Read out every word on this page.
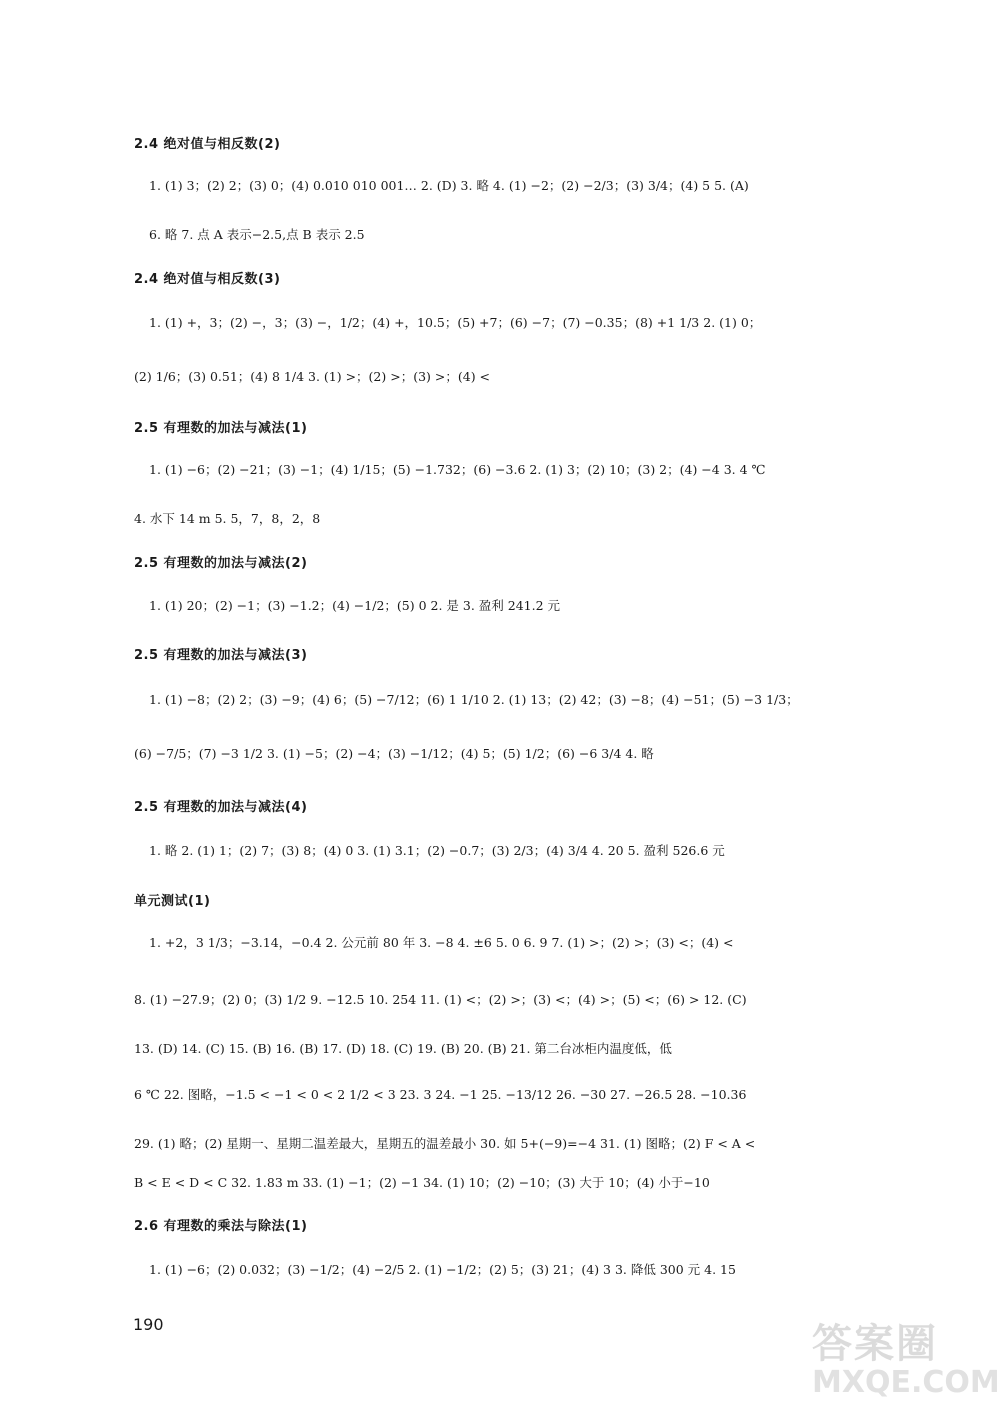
2.4 绝对值与相反数(2)
1. (1) 3；(2) 2；(3) 0；(4) 0.010 010 001… 2. (D) 3. 略 4. (1) −2；(2) −2/3；(3) 3/4；(4) 5 5. (A)
6. 略 7. 点 A 表示−2.5,点 B 表示 2.5
2.4 绝对值与相反数(3)
1. (1) +，3；(2) −，3；(3) −，1/2；(4) +，10.5；(5) +7；(6) −7；(7) −0.35；(8) +1 1/3 2. (1) 0；
(2) 1/6；(3) 0.51；(4) 8 1/4 3. (1) >；(2) >；(3) >；(4) <
2.5 有理数的加法与减法(1)
1. (1) −6；(2) −21；(3) −1；(4) 1/15；(5) −1.732；(6) −3.6 2. (1) 3；(2) 10；(3) 2；(4) −4 3. 4 ℃
4. 水下 14 m 5. 5，7，8，2，8
2.5 有理数的加法与减法(2)
1. (1) 20；(2) −1；(3) −1.2；(4) −1/2；(5) 0 2. 是 3. 盈利 241.2 元
2.5 有理数的加法与减法(3)
1. (1) −8；(2) 2；(3) −9；(4) 6；(5) −7/12；(6) 1 1/10 2. (1) 13；(2) 42；(3) −8；(4) −51；(5) −3 1/3；
(6) −7/5；(7) −3 1/2 3. (1) −5；(2) −4；(3) −1/12；(4) 5；(5) 1/2；(6) −6 3/4 4. 略
2.5 有理数的加法与减法(4)
1. 略 2. (1) 1；(2) 7；(3) 8；(4) 0 3. (1) 3.1；(2) −0.7；(3) 2/3；(4) 3/4 4. 20 5. 盈利 526.6 元
单元测试(1)
1. +2，3 1/3；−3.14，−0.4 2. 公元前 80 年 3. −8 4. ±6 5. 0 6. 9 7. (1) >；(2) >；(3) <；(4) <
8. (1) −27.9；(2) 0；(3) 1/2 9. −12.5 10. 254 11. (1) <；(2) >；(3) <；(4) >；(5) <；(6) > 12. (C)
13. (D) 14. (C) 15. (B) 16. (B) 17. (D) 18. (C) 19. (B) 20. (B) 21. 第二台冰柜内温度低，低
6 ℃ 22. 图略，−1.5 < −1 < 0 < 2 1/2 < 3 23. 3 24. −1 25. −13/12 26. −30 27. −26.5 28. −10.36
29. (1) 略；(2) 星期一、星期二温差最大，星期五的温差最小 30. 如 5+(−9)=−4 31. (1) 图略；(2) F < A <
B < E < D < C 32. 1.83 m 33. (1) −1；(2) −1 34. (1) 10；(2) −10；(3) 大于 10；(4) 小于−10
2.6 有理数的乘法与除法(1)
1. (1) −6；(2) 0.032；(3) −1/2；(4) −2/5 2. (1) −1/2；(2) 5；(3) 21；(4) 3 3. 降低 300 元 4. 15
190	答案圈
MXQE.COM
